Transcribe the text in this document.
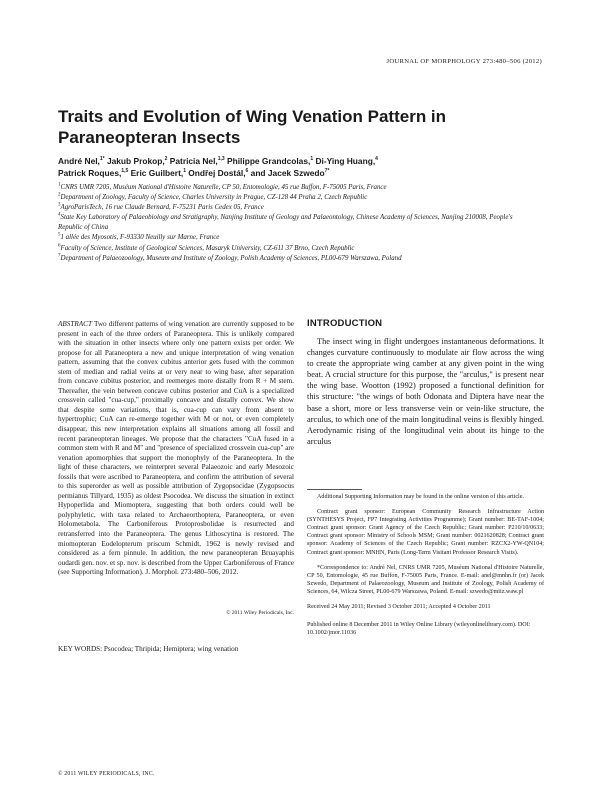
JOURNAL OF MORPHOLOGY 273:480–506 (2012)
Traits and Evolution of Wing Venation Pattern in Paraneopteran Insects
André Nel,$^{1*}$ Jakub Prokop,$^2$ Patricia Nel,$^{1,3}$ Philippe Grandcolas,$^1$ Di-Ying Huang,$^4$
Patrick Roques,$^{1,5}$ Eric Guilbert,$^1$ Ondřej Dostál,$^6$ and Jacek Szwedo$^{7*}$
$^1$CNRS UMR 7205, Muséum National d'Histoire Naturelle, CP 50, Entomologie, 45 rue Buffon, F-75005 Paris, France
$^2$Department of Zoology, Faculty of Science, Charles University in Prague, CZ-128 44 Praha 2, Czech Republic
$^3$AgroParisTech, 16 rue Claude Bernard, F-75231 Paris Cedex 05, France
$^4$State Key Laboratory of Palaeobiology and Stratigraphy, Nanjing Institute of Geology and Palaeontology, Chinese Academy of Sciences, Nanjing 210008, People's Republic of China
$^5$1 allée des Myosotis, F-93330 Neuilly sur Marne, France
$^6$Faculty of Science, Institute of Geological Sciences, Masaryk University, CZ-611 37 Brno, Czech Republic
$^7$Department of Palaeozoology, Museum and Institute of Zoology, Polish Academy of Sciences, PL00-679 Warszawa, Poland
ABSTRACT Two different patterns of wing venation are currently supposed to be present in each of the three orders of Paraneoptera. This is unlikely compared with the situation in other insects where only one pattern exists per order. We propose for all Paraneoptera a new and unique interpretation of wing venation pattern, assuming that the convex cubitus anterior gets fused with the common stem of median and radial veins at or very near to wing base, after separation from concave cubitus posterior, and reemerges more distally from R + M stem. Thereafter, the vein between concave cubitus posterior and CuA is a specialized crossvein called "cua-cup," proximally concave and distally convex. We show that despite some variations, that is, cua-cup can vary from absent to hypertrophic; CuA can re-emerge together with M or not, or even completely disappear, this new interpretation explains all situations among all fossil and recent paraneopteran lineages. We propose that the characters "CuA fused in a common stem with R and M" and "presence of specialized crossvein cua-cup" are venation apomorphies that support the monophyly of the Paraneoptera. In the light of these characters, we reinterpret several Palaeozoic and early Mesozoic fossils that were ascribed to Paraneoptera, and confirm the attribution of several to this superorder as well as possible attribution of Zygopsocidae (Zygopsocus permianus Tillyard, 1935) as oldest Psocodea. We discuss the situation in extinct Hypoperlida and Miomoptera, suggesting that both orders could well be polyphyletic, with taxa related to Archaeorthoptera, Paraneoptera, or even Holometabola. The Carboniferous Protoprosbolidae is resurrected and retransferred into the Paraneoptera. The genus Lithoscytina is restored. The miomopteran Eodelopterum priscum Schmidt, 1962 is newly revised and considered as a fern pinnule. In addition, the new paraneopteran Bruayaphis oudardi gen. nov. et sp. nov. is described from the Upper Carboniferous of France (see Supporting Information). J. Morphol. 273:480–506, 2012.
© 2011 Wiley Periodicals, Inc.
KEY WORDS: Psocodea; Thripida; Hemiptera; wing venation
INTRODUCTION
The insect wing in flight undergoes instantaneous deformations. It changes curvature continuously to modulate air flow across the wing to create the appropriate wing camber at any given point in the wing beat. A crucial structure for this purpose, the "arculus," is present near the wing base. Wootton (1992) proposed a functional definition for this structure: "the wings of both Odonata and Diptera have near the base a short, more or less transverse vein or vein-like structure, the arculus, to which one of the main longitudinal veins is flexibly hinged. Aerodynamic rising of the longitudinal vein about its hinge to the arculus
Additional Supporting Information may be found in the online version of this article.
Contract grant sponsor: European Community Research Infrastructure Action (SYNTHESYS Project, FP7 Integrating Activities Programme); Grant number: BE-TAF-1004; Contract grant sponsor: Grant Agency of the Czech Republic; Grant number: P210/10/0633; Contract grant sponsor: Ministry of Schools MSM; Grant number: 0021620828; Contract grant sponsor: Academy of Sciences of the Czech Republic; Grant number: RZCX2-YW-QN104; Contract grant sponsor: MNHN, Paris (Long-Term Visitant Professor Research Visits).
*Correspondence to: André Nel, CNRS UMR 7205, Muséum National d'Histoire Naturelle, CP 50, Entomologie, 45 rue Buffon, F-75005 Paris, France. E-mail: anel@mnhn.fr (or) Jacek Szwedo, Department of Palaeozoology, Museum and Institute of Zoology, Polish Academy of Sciences, 64, Wilcza Street, PL00-679 Warszawa, Poland. E-mail: szwedo@miiz.waw.pl
Received 24 May 2011; Revised 3 October 2011; Accepted 4 October 2011
Published online 8 December 2011 in Wiley Online Library (wileyonlinelibrary.com). DOI: 10.1002/jmor.11036
© 2011 WILEY PERIODICALS, INC.
